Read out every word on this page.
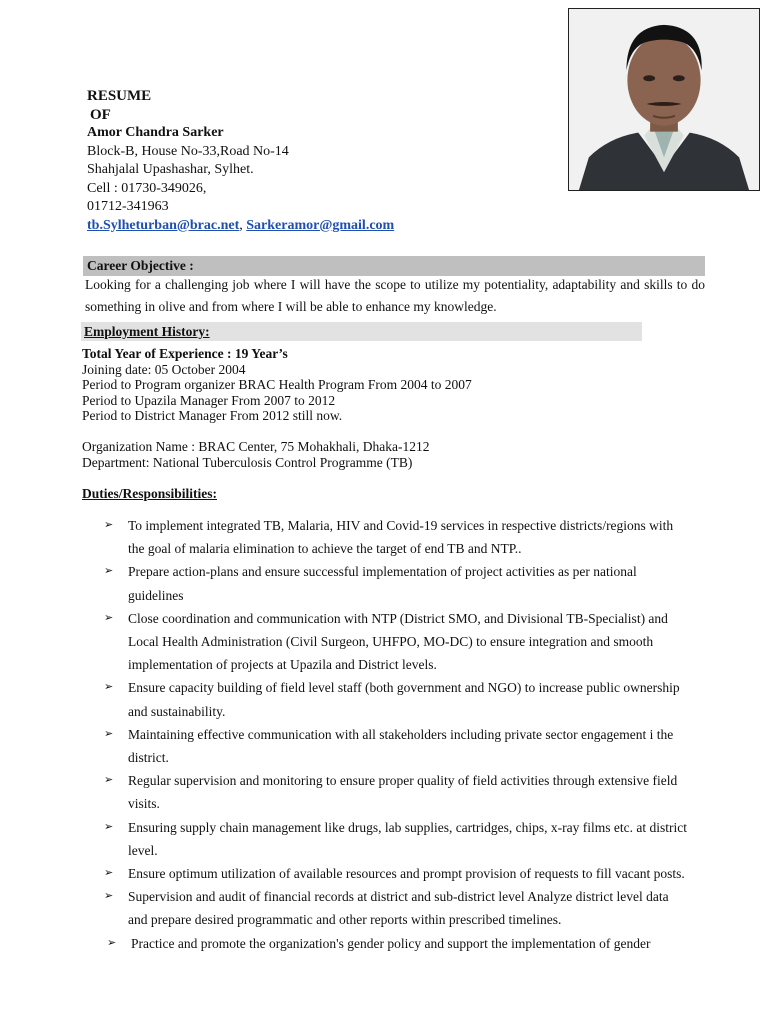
RESUME
OF
Amor Chandra Sarker
Block-B, House No-33,Road No-14
Shahjalal Upashashar, Sylhet.
Cell : 01730-349026,
01712-341963
tb.Sylheturban@brac.net, Sarkeramor@gmail.com
Career Objective :
Looking for a challenging job where I will have the scope to utilize my potentiality, adaptability and skills to do something in olive and from where I will be able to enhance my knowledge.
Employment History:
Total Year of Experience : 19 Year’s
Joining date: 05 October 2004
Period to Program organizer BRAC Health Program From 2004 to 2007
Period to Upazila Manager From 2007 to 2012
Period to District Manager From 2012 still now.
Organization Name : BRAC Center, 75 Mohakhali, Dhaka-1212
Department: National Tuberculosis Control Programme (TB)
Duties/Responsibilities:
➢ To implement integrated TB, Malaria, HIV and Covid-19 services in respective districts/regions with the goal of malaria elimination to achieve the target of end TB and NTP..
➢ Prepare action-plans and ensure successful implementation of project activities as per national guidelines
➢ Close coordination and communication with NTP (District SMO, and Divisional TB-Specialist) and Local Health Administration (Civil Surgeon, UHFPO, MO-DC) to ensure integration and smooth implementation of projects at Upazila and District levels.
➢ Ensure capacity building of field level staff (both government and NGO) to increase public ownership and sustainability.
➢ Maintaining effective communication with all stakeholders including private sector engagement i the district.
➢ Regular supervision and monitoring to ensure proper quality of field activities through extensive field visits.
➢ Ensuring supply chain management like drugs, lab supplies, cartridges, chips, x-ray films etc. at district level.
➢ Ensure optimum utilization of available resources and prompt provision of requests to fill vacant posts.
➢ Supervision and audit of financial records at district and sub-district level Analyze district level data and prepare desired programmatic and other reports within prescribed timelines.
➢ Practice and promote the organization's gender policy and support the implementation of gender
